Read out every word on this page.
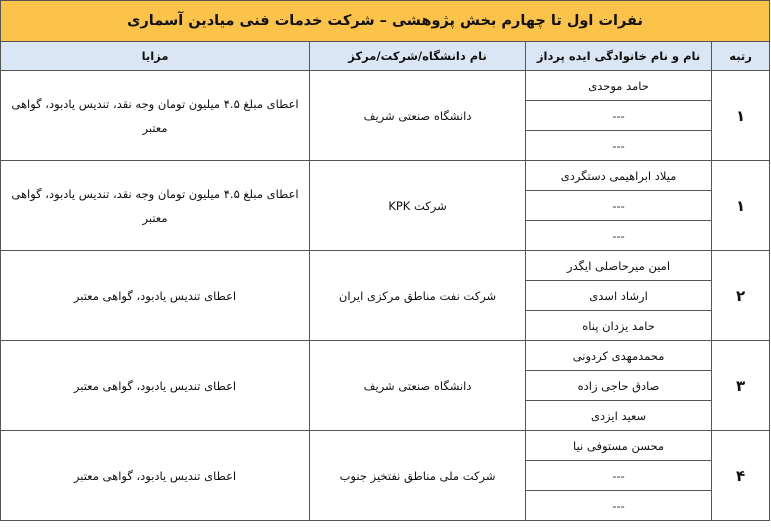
نفرات اول تا چهارم بخش پژوهشی – شرکت خدمات فنی میادین آسماری			
رتبه	نام و نام خانوادگی ایده پرداز	نام دانشگاه/شرکت/مرکز	مزایا
۱	حامد موحدی	دانشگاه صنعتی شریف	اعطای مبلغ ۴.۵ میلیون تومان وجه نقد، تندیس یادبود، گواهی معتبر
	---		
	---		
۱	میلاد ابراهیمی دستگردی	شرکت KPK	اعطای مبلغ ۴.۵ میلیون تومان وجه نقد، تندیس یادبود، گواهی معتبر
	---		
	---		
۲	امین میرحاصلی ایگدر	شرکت نفت مناطق مرکزی ایران	اعطای تندیس یادبود، گواهی معتبر
	ارشاد اسدی		
	حامد یزدان پناه		
۳	محمدمهدی کردونی	دانشگاه صنعتی شریف	اعطای تندیس یادبود، گواهی معتبر
	صادق حاجی زاده		
	سعید ایزدی		
۴	محسن مستوفی نیا	شرکت ملی مناطق نفتخیز جنوب	اعطای تندیس یادبود، گواهی معتبر
	---		
	---		
